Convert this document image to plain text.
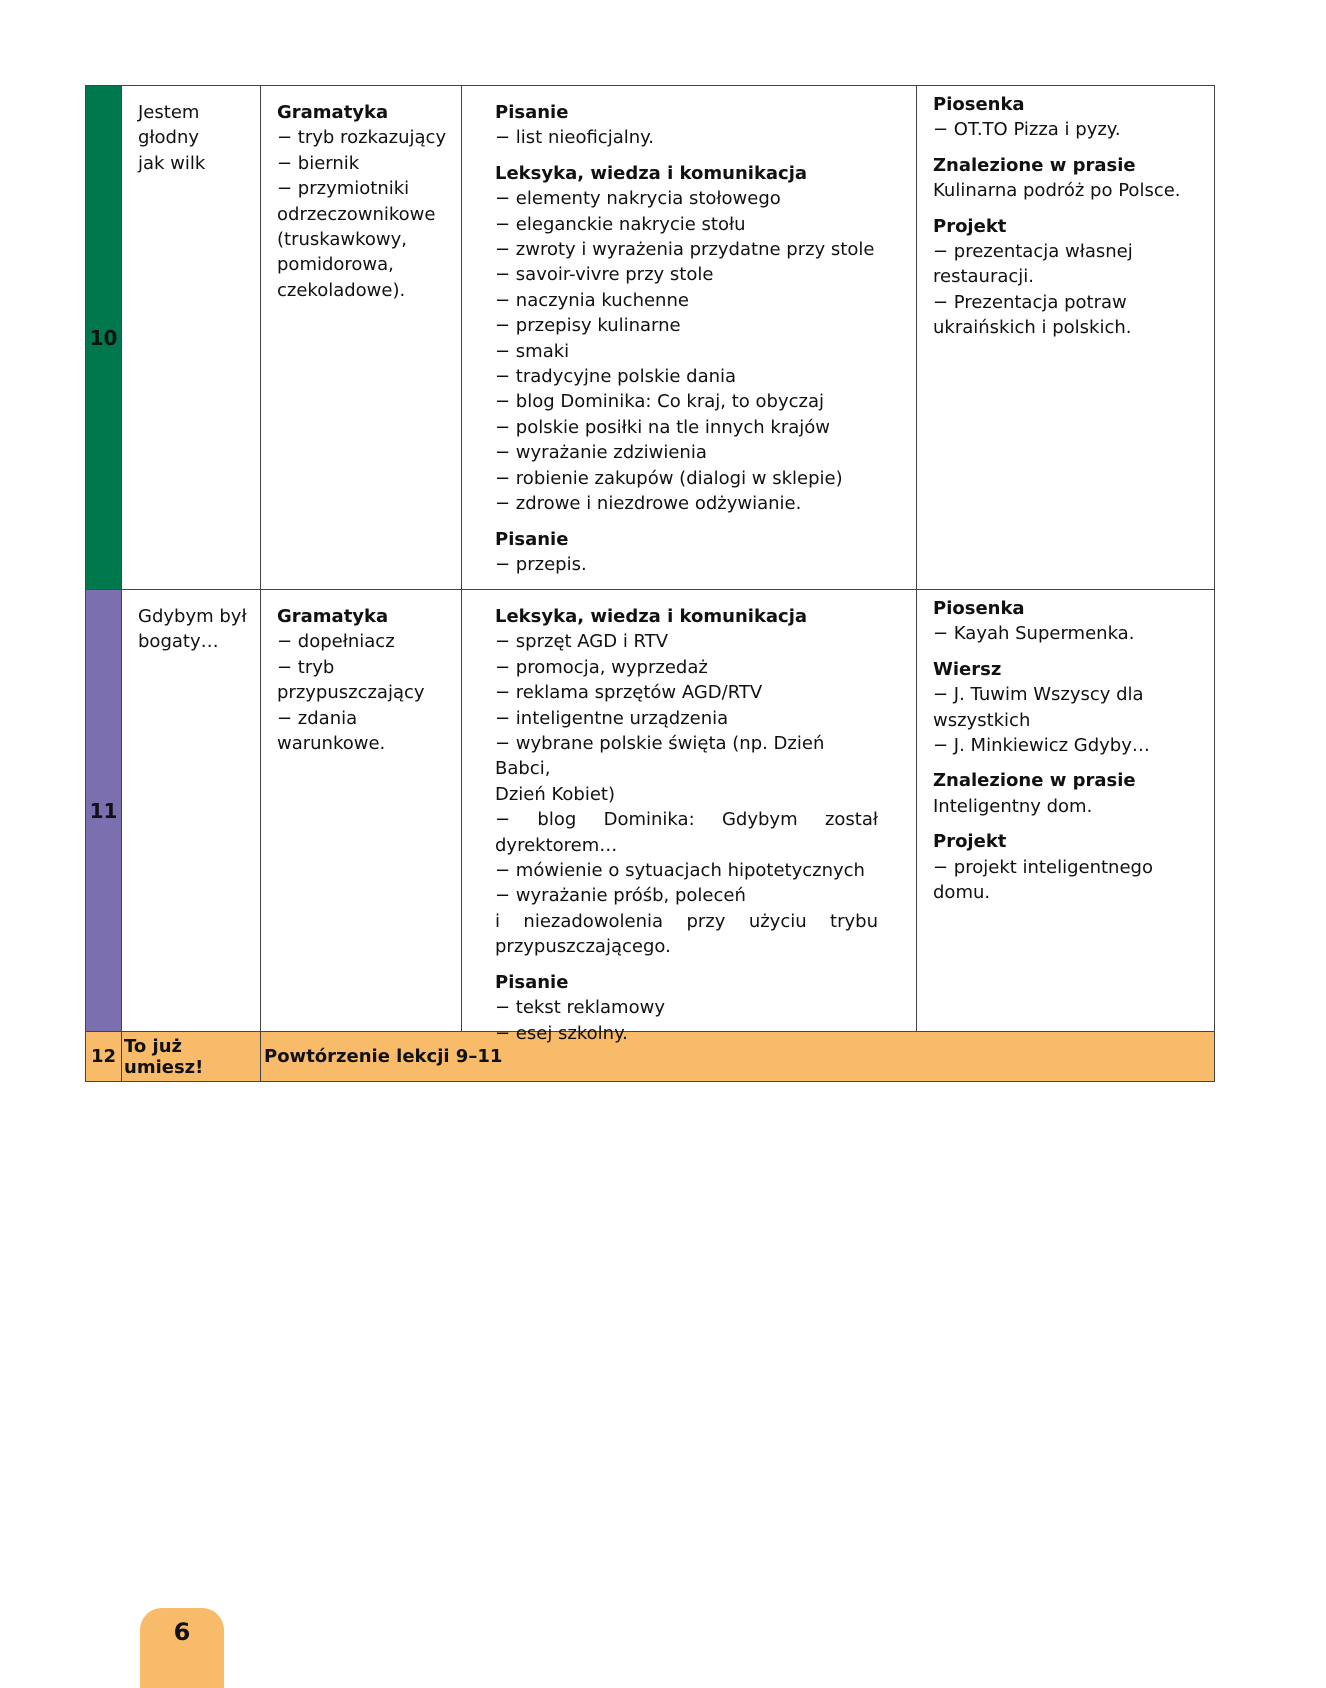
10
Jestem
głodny
jak wilk
Gramatyka
− tryb rozkazujący
− biernik
− przymiotniki
odrzeczownikowe
(truskawkowy,
pomidorowa,
czekoladowe).
Pisanie
− list nieoficjalny.
Leksyka, wiedza i komunikacja
− elementy nakrycia stołowego
− eleganckie nakrycie stołu
− zwroty i wyrażenia przydatne przy stole
− savoir-vivre przy stole
− naczynia kuchenne
− przepisy kulinarne
− smaki
− tradycyjne polskie dania
− blog Dominika: Co kraj, to obyczaj
− polskie posiłki na tle innych krajów
− wyrażanie zdziwienia
− robienie zakupów (dialogi w sklepie)
− zdrowe i niezdrowe odżywianie.
Pisanie
− przepis.
Piosenka
− OT.TO Pizza i pyzy.
Znalezione w prasie
Kulinarna podróż po Polsce.
Projekt
− prezentacja własnej
restauracji.
− Prezentacja potraw
ukraińskich i polskich.
11
Gdybym był
bogaty…
Gramatyka
− dopełniacz
− tryb
przypuszczający
− zdania
warunkowe.
Leksyka, wiedza i komunikacja
− sprzęt AGD i RTV
− promocja, wyprzedaż
− reklama sprzętów AGD/RTV
− inteligentne urządzenia
− wybrane polskie święta (np. Dzień Babci,
Dzień Kobiet)
− blog Dominika: Gdybym został
dyrektorem…
− mówienie o sytuacjach hipotetycznych
− wyrażanie próśb, poleceń
i niezadowolenia przy użyciu trybu
przypuszczającego.
Pisanie
− tekst reklamowy
− esej szkolny.
Piosenka
− Kayah Supermenka.
Wiersz
− J. Tuwim Wszyscy dla
wszystkich
− J. Minkiewicz Gdyby…
Znalezione w prasie
Inteligentny dom.
Projekt
− projekt inteligentnego
domu.
12 To już umiesz!	Powtórzenie lekcji 9–11
6
